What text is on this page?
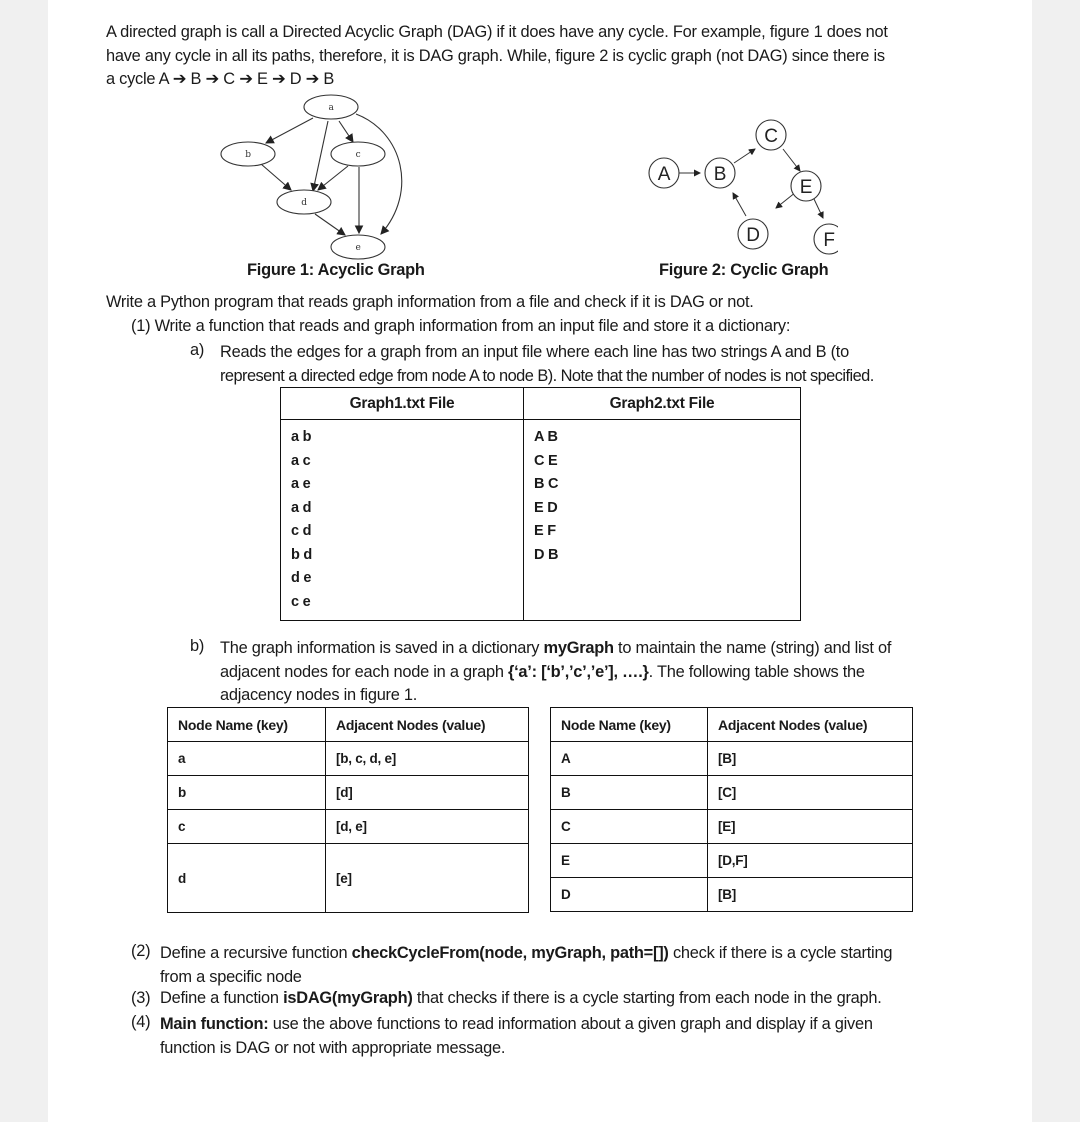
A directed graph is call a Directed Acyclic Graph (DAG) if it does have any cycle. For example, figure 1 does not
have any cycle in all its paths, therefore, it is DAG graph. While, figure 2 is cyclic graph (not DAG) since there is
a cycle A ➔ B ➔ C ➔ E ➔ D ➔ B
a
b	c
d
e
A B
C
D
E
F
Figure 1: Acyclic Graph	Figure 2: Cyclic Graph
Write a Python program that reads graph information from a file and check if it is DAG or not.
(1) Write a function that reads and graph information from an input file and store it a dictionary:
a) Reads the edges for a graph from an input file where each line has two strings A and B (to
represent a directed edge from node A to node B). Note that the number of nodes is not specified.
Graph1.txt File	Graph2.txt File

a b
a c
a e
a d
c d
b d
d e
c e

A B
C E
B C
E D
E F
D B
b) The graph information is saved in a dictionary myGraph to maintain the name (string) and list of
adjacent nodes for each node in a graph {‘a’: [‘b’,’c’,’e’], ….}. The following table shows the
adjacency nodes in figure 1.
Node Name (key)	Adjacent Nodes (value)
a	[b, c, d, e]
b	[d]
c	[d, e]
d	[e]
Node Name (key)	Adjacent Nodes (value)
A	[B]
B	[C]
C	[E]
E	[D,F]
D	[B]
(2) Define a recursive function checkCycleFrom(node, myGraph, path=[]) check if there is a cycle starting
from a specific node
(3) Define a function isDAG(myGraph) that checks if there is a cycle starting from each node in the graph.
(4) Main function: use the above functions to read information about a given graph and display if a given
function is DAG or not with appropriate message.
